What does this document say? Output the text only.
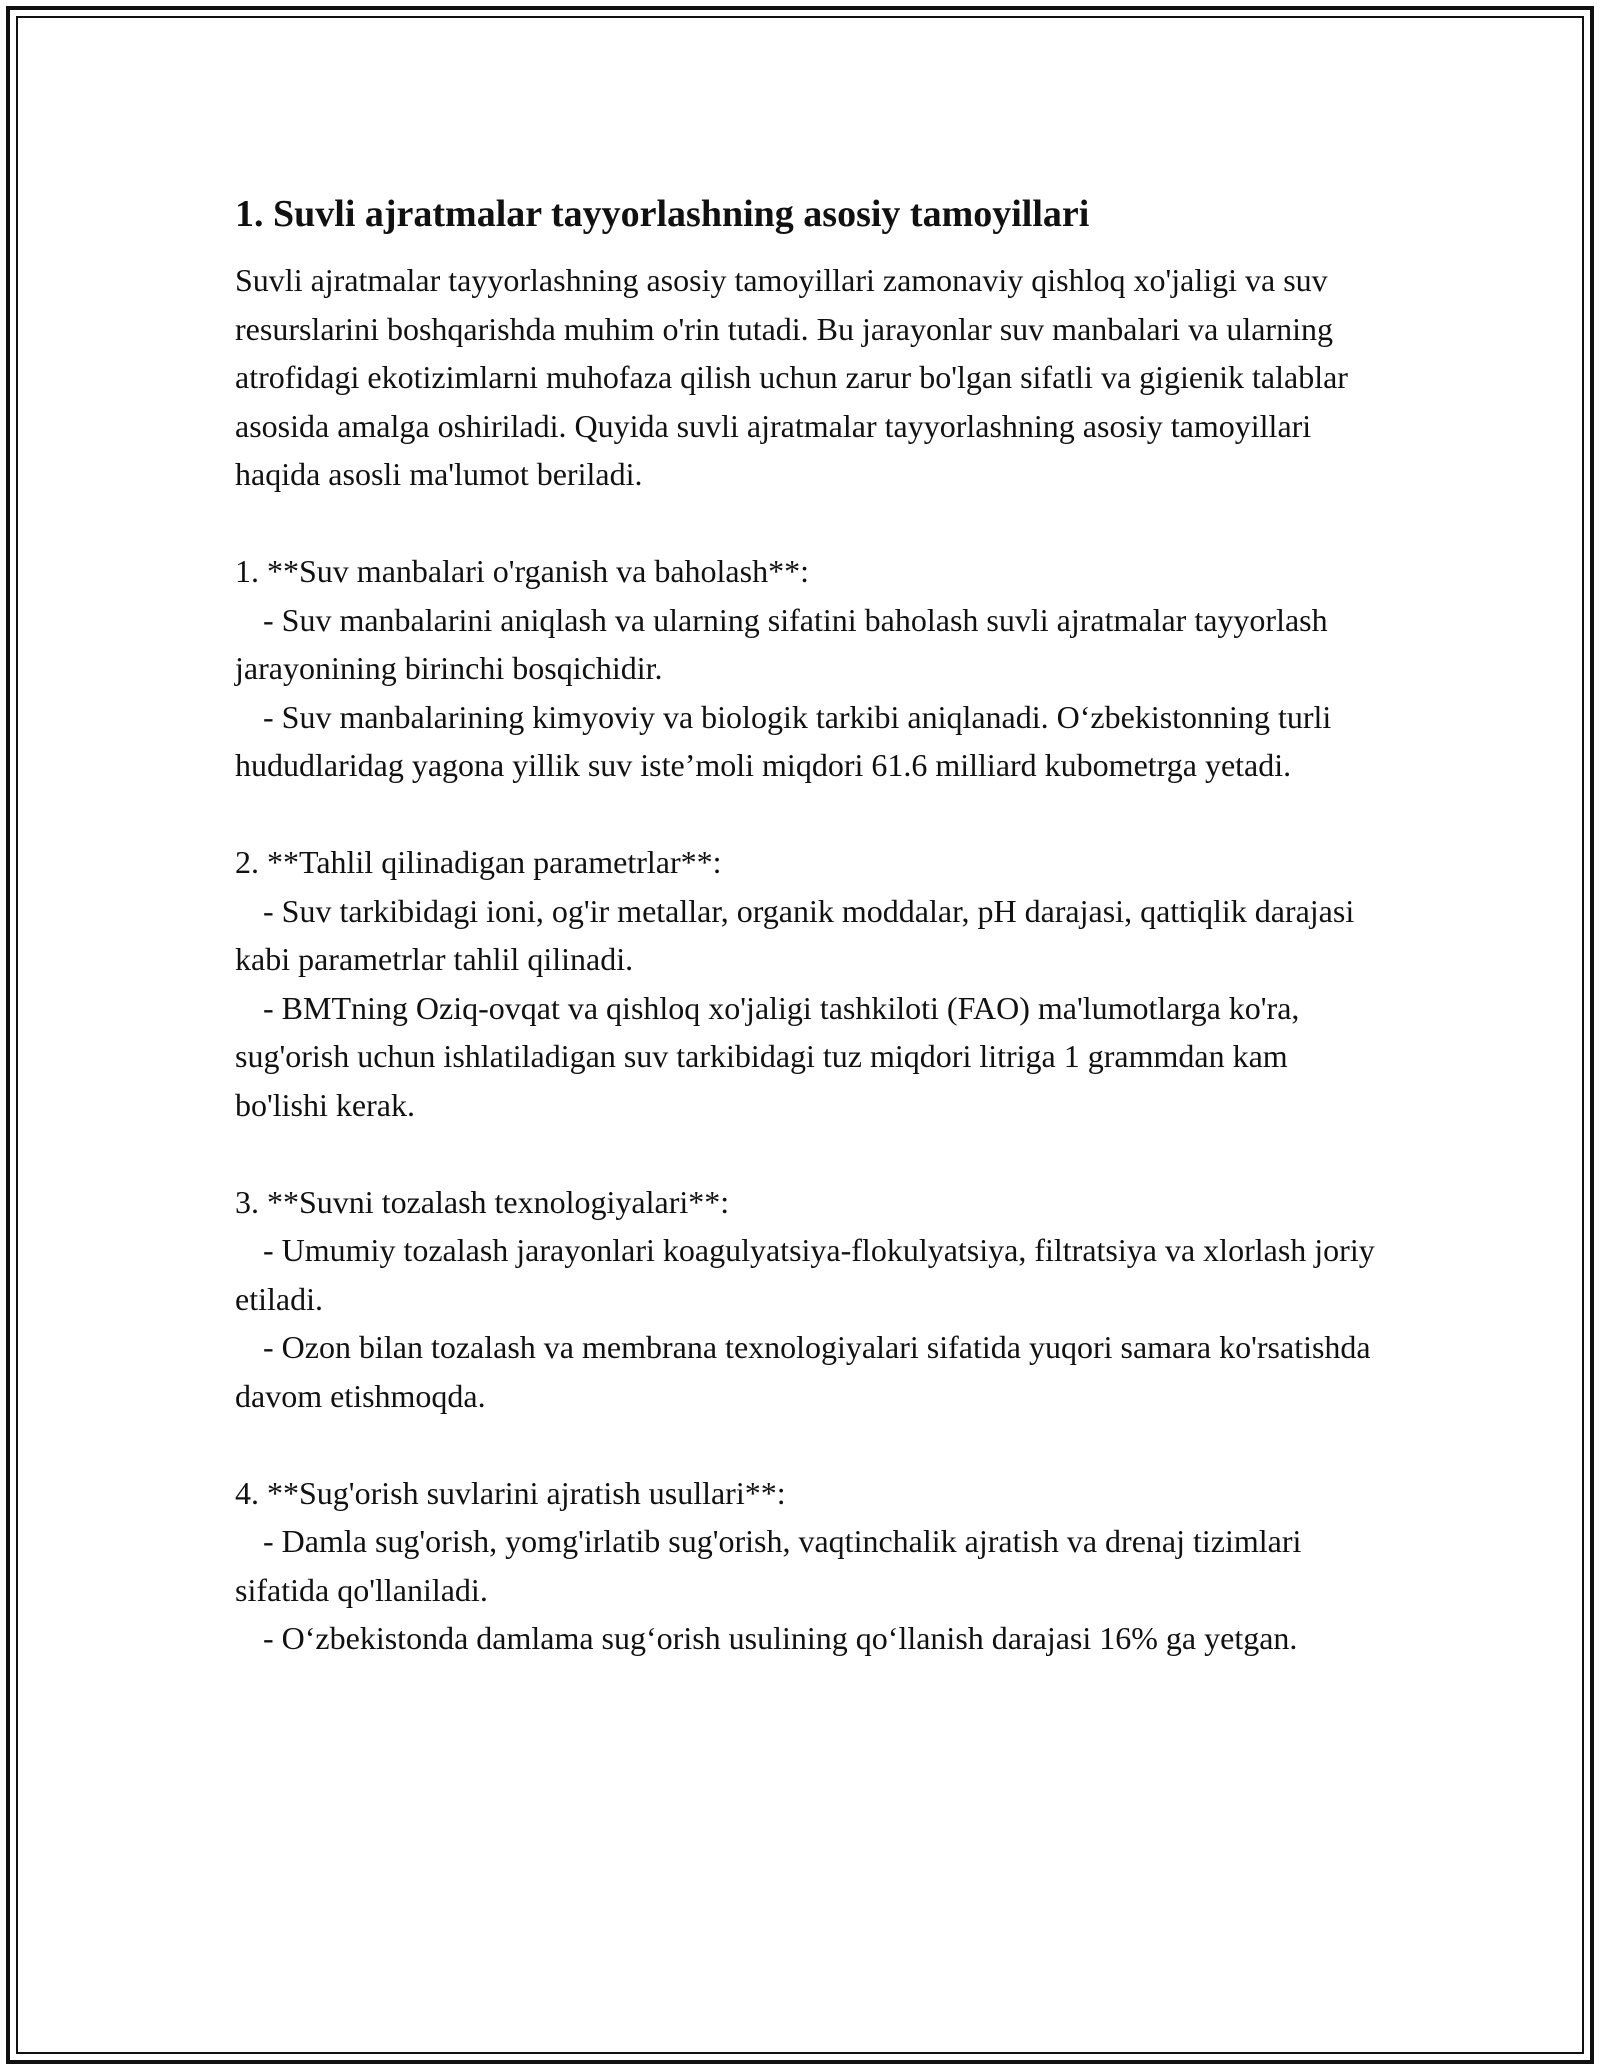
1. Suvli ajratmalar tayyorlashning asosiy tamoyillari

Suvli ajratmalar tayyorlashning asosiy tamoyillari zamonaviy qishloq xo'jaligi va suv resurslarini boshqarishda muhim o'rin tutadi. Bu jarayonlar suv manbalari va ularning atrofidagi ekotizimlarni muhofaza qilish uchun zarur bo'lgan sifatli va gigienik talablar asosida amalga oshiriladi. Quyida suvli ajratmalar tayyorlashning asosiy tamoyillari haqida asosli ma'lumot beriladi.

1. **Suv manbalari o'rganish va baholash**:

- Suv manbalarini aniqlash va ularning sifatini baholash suvli ajratmalar tayyorlash jarayonining birinchi bosqichidir.

- Suv manbalarining kimyoviy va biologik tarkibi aniqlanadi. O‘zbekistonning turli hududlaridag yagona yillik suv iste’moli miqdori 61.6 milliard kubometrga yetadi.

2. **Tahlil qilinadigan parametrlar**:

- Suv tarkibidagi ioni, og'ir metallar, organik moddalar, pH darajasi, qattiqlik darajasi kabi parametrlar tahlil qilinadi.

- BMTning Oziq-ovqat va qishloq xo'jaligi tashkiloti (FAO) ma'lumotlarga ko'ra, sug'orish uchun ishlatiladigan suv tarkibidagi tuz miqdori litriga 1 grammdan kam bo'lishi kerak.

3. **Suvni tozalash texnologiyalari**:

- Umumiy tozalash jarayonlari koagulyatsiya-flokulyatsiya, filtratsiya va xlorlash joriy etiladi.

- Ozon bilan tozalash va membrana texnologiyalari sifatida yuqori samara ko'rsatishda davom etishmoqda.

4. **Sug'orish suvlarini ajratish usullari**:

- Damla sug'orish, yomg'irlatib sug'orish, vaqtinchalik ajratish va drenaj tizimlari sifatida qo'llaniladi.

- O‘zbekistonda damlama sug‘orish usulining qo‘llanish darajasi 16% ga yetgan.
